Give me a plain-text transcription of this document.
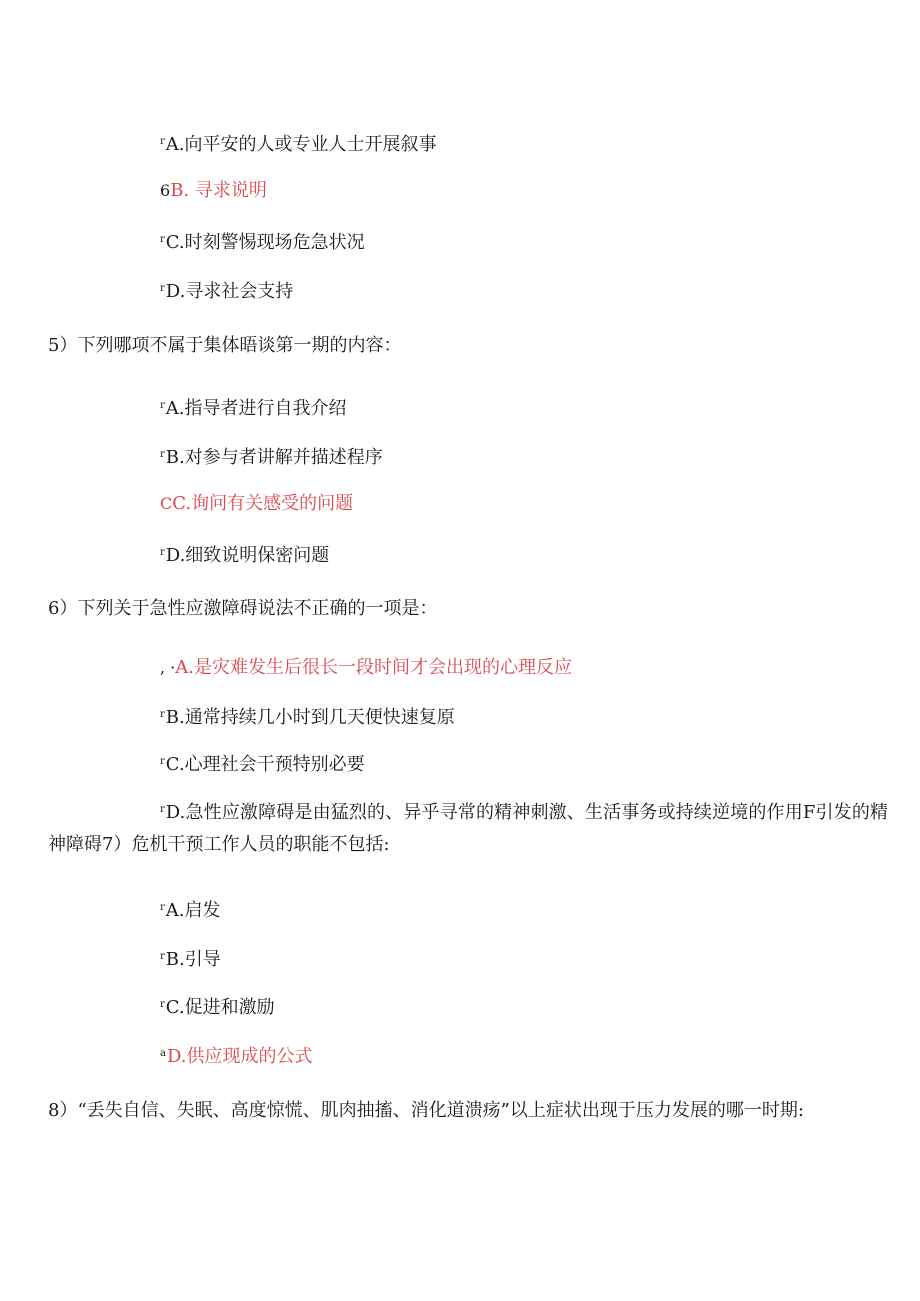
$^r$A.向平安的人或专业人士开展叙事
6B. 寻求说明
$^r$C.时刻警惕现场危急状况
$^r$D.寻求社会支持
5）下列哪项不属于集体晤谈第一期的内容：
$^r$A.指导者进行自我介绍
$^r$B.对参与者讲解并描述程序
CC.询问有关感受的问题
$^r$D.细致说明保密问题
6）下列关于急性应激障碍说法不正确的一项是：
, ·A.是灾难发生后很长一段时间才会出现的心理反应
$^r$B.通常持续几小时到几天便快速复原
$^r$C.心理社会干预特别必要
$^r$D.急性应激障碍是由猛烈的、异乎寻常的精神刺激、生活事务或持续逆境的作用F引发的精神障碍7）危机干预工作人员的职能不包括:
$^r$A.启发
$^r$B.引导
$^r$C.促进和激励
$^a$D.供应现成的公式
8）“丢失自信、失眠、高度惊慌、肌肉抽搐、消化道溃疡”以上症状出现于压力发展的哪一时期:
